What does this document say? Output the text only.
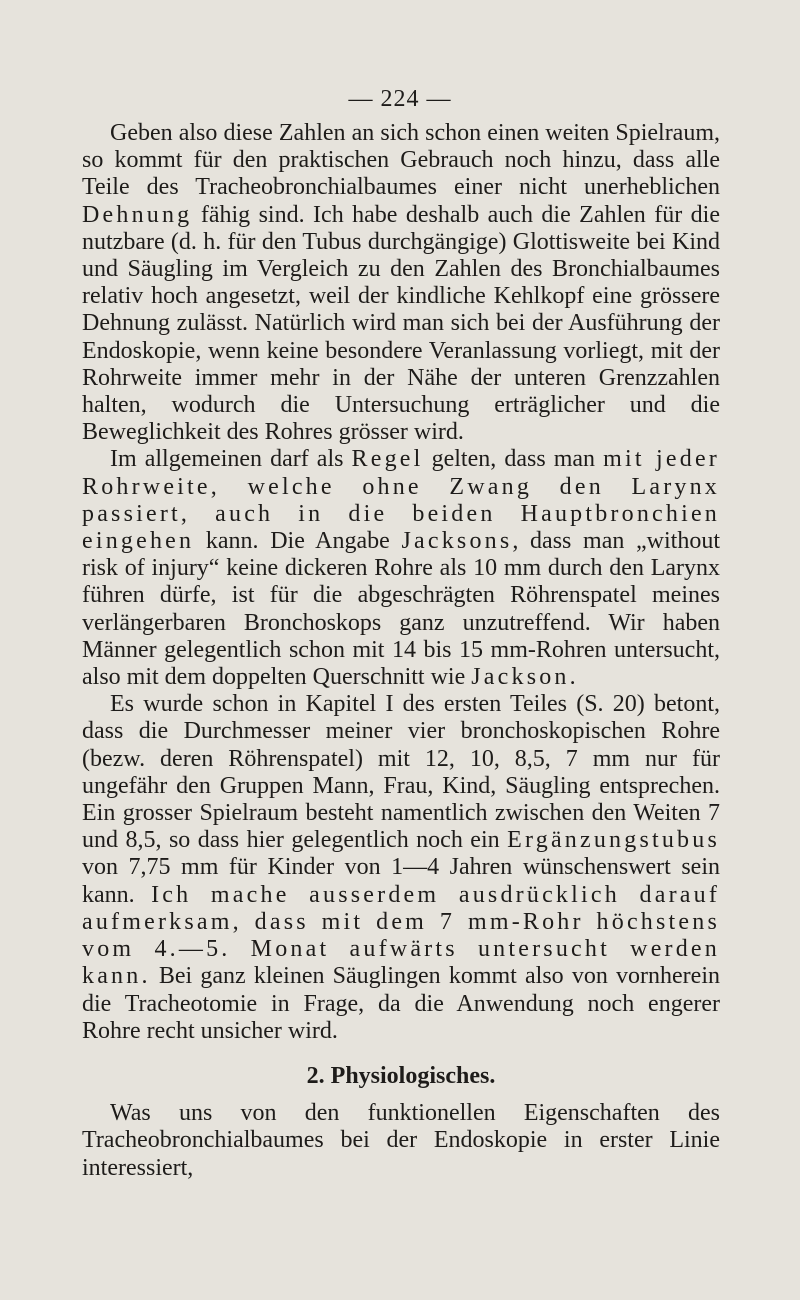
— 224 —

Geben also diese Zahlen an sich schon einen weiten Spielraum, so kommt für den praktischen Gebrauch noch hinzu, dass alle Teile des Tracheobronchialbaumes einer nicht unerheblichen Dehnung fähig sind. Ich habe deshalb auch die Zahlen für die nutzbare (d. h. für den Tubus durchgängige) Glottisweite bei Kind und Säugling im Vergleich zu den Zahlen des Bronchialbaumes relativ hoch angesetzt, weil der kindliche Kehlkopf eine grössere Dehnung zulässt. Natürlich wird man sich bei der Ausführung der Endoskopie, wenn keine besondere Veranlassung vorliegt, mit der Rohrweite immer mehr in der Nähe der unteren Grenzzahlen halten, wodurch die Untersuchung erträglicher und die Beweglichkeit des Rohres grösser wird.

Im allgemeinen darf als Regel gelten, dass man mit jeder Rohrweite, welche ohne Zwang den Larynx passiert, auch in die beiden Hauptbronchien eingehen kann. Die Angabe Jacksons, dass man „without risk of injury“ keine dickeren Rohre als 10 mm durch den Larynx führen dürfe, ist für die abgeschrägten Röhrenspatel meines verlängerbaren Bronchoskops ganz unzutreffend. Wir haben Männer gelegentlich schon mit 14 bis 15 mm-Rohren untersucht, also mit dem doppelten Querschnitt wie Jackson.

Es wurde schon in Kapitel I des ersten Teiles (S. 20) betont, dass die Durchmesser meiner vier bronchoskopischen Rohre (bezw. deren Röhrenspatel) mit 12, 10, 8,5, 7 mm nur für ungefähr den Gruppen Mann, Frau, Kind, Säugling entsprechen. Ein grosser Spielraum besteht namentlich zwischen den Weiten 7 und 8,5, so dass hier gelegentlich noch ein Ergänzungstubus von 7,75 mm für Kinder von 1—4 Jahren wünschenswert sein kann. Ich mache ausserdem ausdrücklich darauf aufmerksam, dass mit dem 7 mm-Rohr höchstens vom 4.—5. Monat aufwärts untersucht werden kann. Bei ganz kleinen Säuglingen kommt also von vornherein die Tracheotomie in Frage, da die Anwendung noch engerer Rohre recht unsicher wird.

2. Physiologisches.

Was uns von den funktionellen Eigenschaften des Tracheobronchialbaumes bei der Endoskopie in erster Linie interessiert,
